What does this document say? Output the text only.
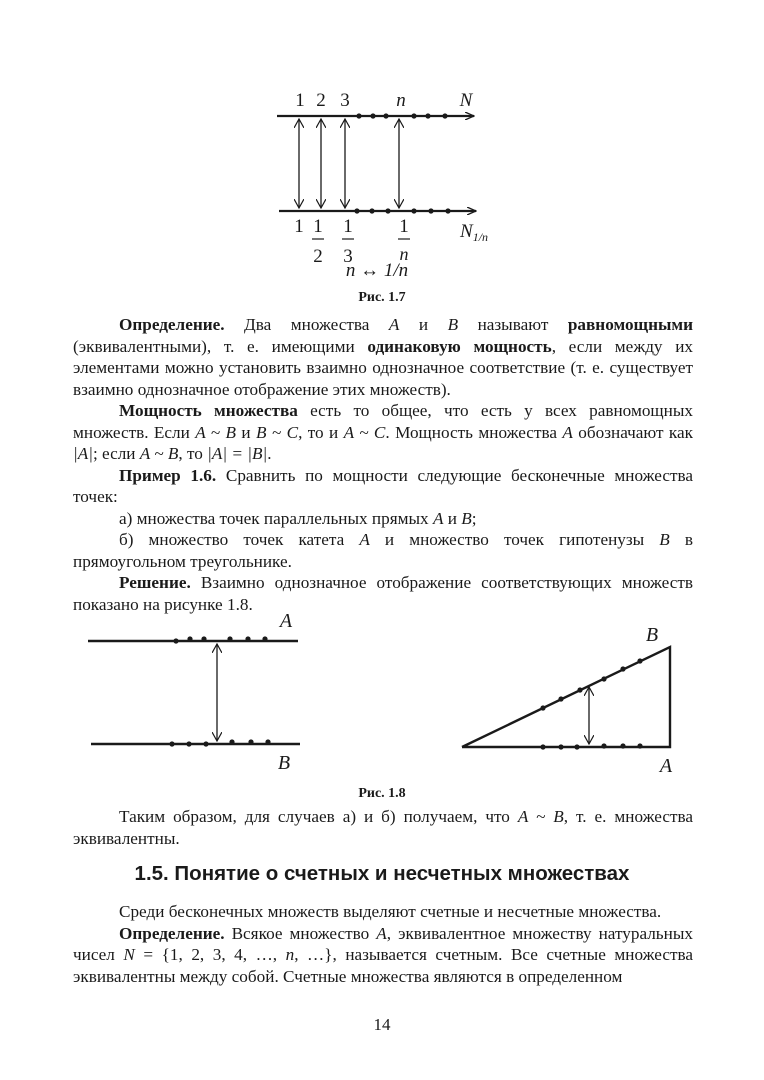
1 2 3 n	N
1 1
2
1
3
1
n
$N_{1/n}$
n ↔ 1/n
Рис. 1.7

Определение. Два множества A и B называют равномощными (эквивалентными), т. е. имеющими одинаковую мощность, если между их элементами можно установить взаимно однозначное соответствие (т. е. существует взаимно однозначное отображение этих множеств).

Мощность множества есть то общее, что есть у всех равномощных множеств. Если A ~ B и B ~ C, то и A ~ C. Мощность множества A обозначают как |A|; если A ~ B, то |A| = |B|.

Пример 1.6. Сравнить по мощности следующие бесконечные множества точек:

а) множества точек параллельных прямых A и B;

б) множество точек катета A и множество точек гипотенузы B в прямоугольном треугольнике.

Решение. Взаимно однозначное отображение соответствующих множеств показано на рисунке 1.8.

A
B
B
A
Рис. 1.8

Таким образом, для случаев а) и б) получаем, что A ~ B, т. е. множества эквивалентны.

1.5. Понятие о счетных и несчетных множествах

Среди бесконечных множеств выделяют счетные и несчетные множества.

Определение. Всякое множество A, эквивалентное множеству натуральных чисел N = {1, 2, 3, 4, …, n, …}, называется счетным. Все счетные множества эквивалентны между собой. Счетные множества являются в определенном

14
